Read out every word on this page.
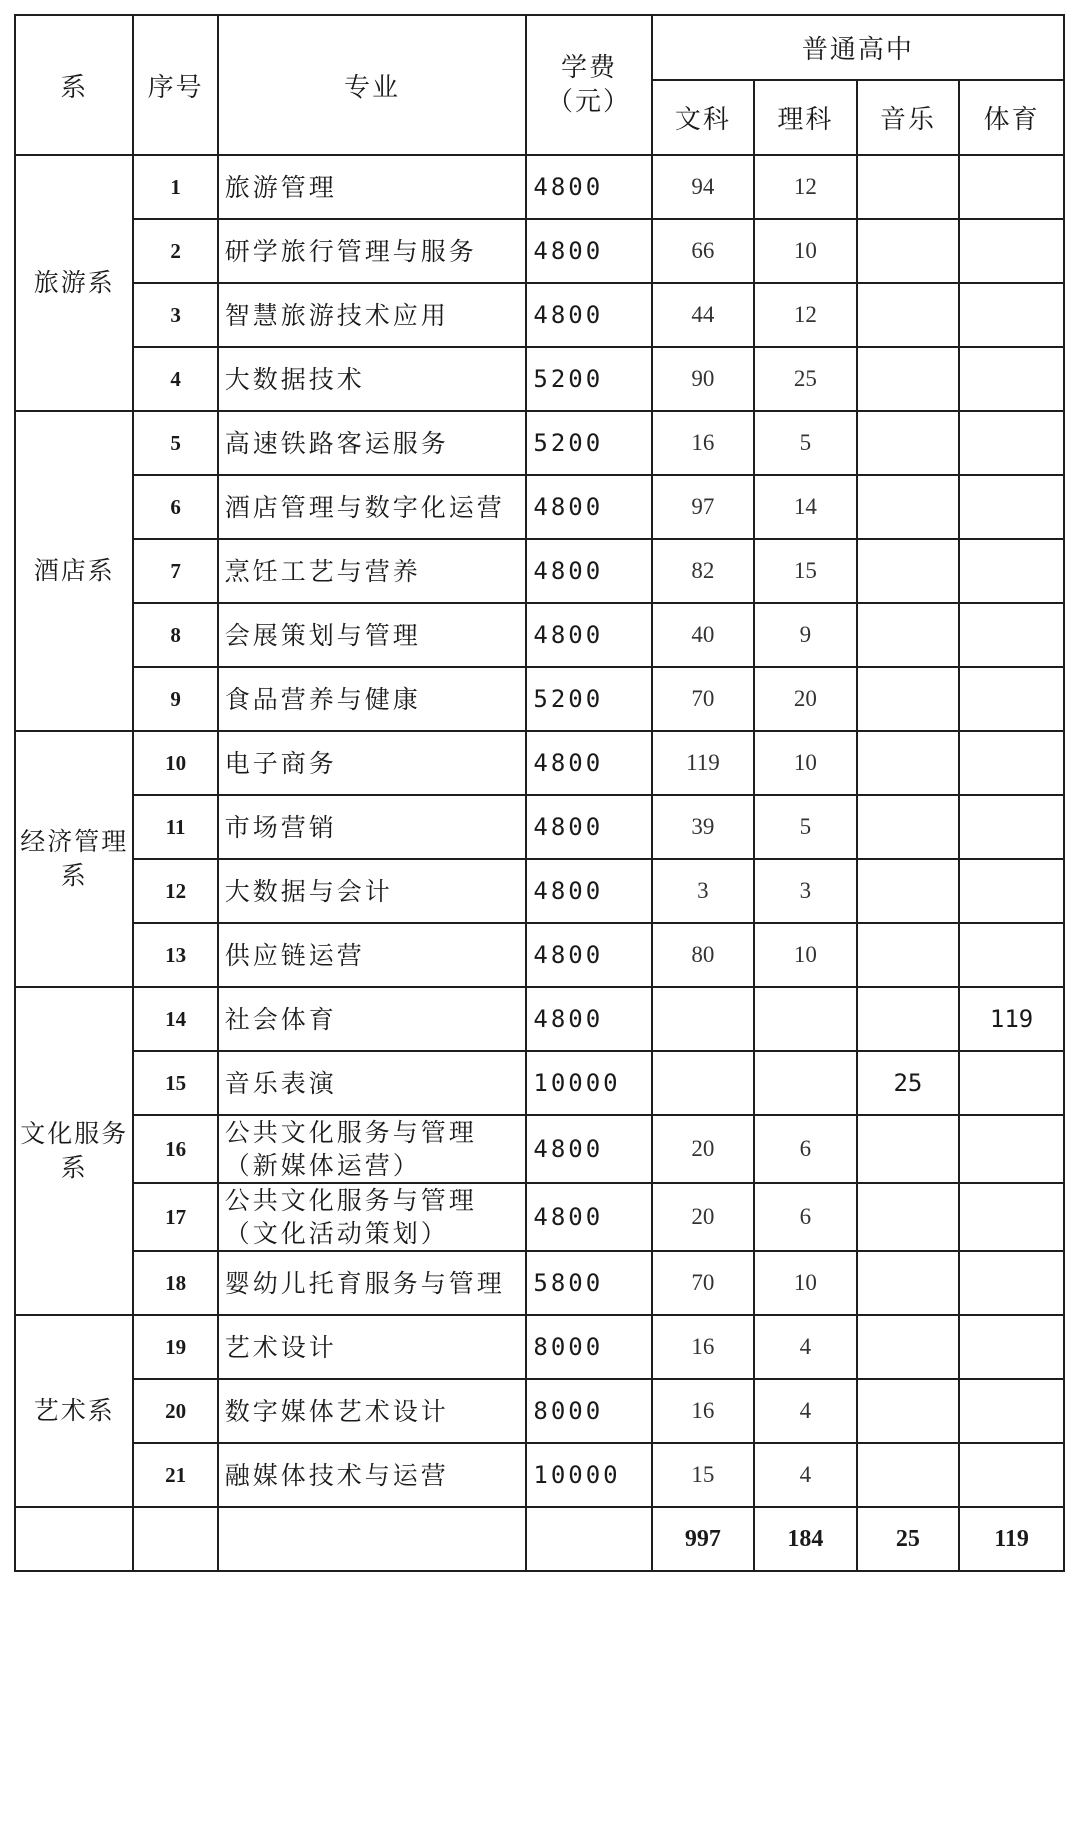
系	序号	专业	学费
（元）	普通高中			
				文科	理科	音乐	体育
旅游系	1	旅游管理	4800	94	12		
	2	研学旅行管理与服务	4800	66	10		
	3	智慧旅游技术应用	4800	44	12		
	4	大数据技术	5200	90	25		
酒店系	5	高速铁路客运服务	5200	16	5		
	6	酒店管理与数字化运营	4800	97	14		
	7	烹饪工艺与营养	4800	82	15		
	8	会展策划与管理	4800	40	9		
	9	食品营养与健康	5200	70	20		
经济管理系	10	电子商务	4800	119	10		
	11	市场营销	4800	39	5		
	12	大数据与会计	4800	3	3		
	13	供应链运营	4800	80	10		
文化服务系	14	社会体育	4800				119
	15	音乐表演	10000			25	
	16	公共文化服务与管理（新媒体运营）	4800	20	6		
	17	公共文化服务与管理（文化活动策划）	4800	20	6		
	18	婴幼儿托育服务与管理	5800	70	10		
艺术系	19	艺术设计	8000	16	4		
	20	数字媒体艺术设计	8000	16	4		
	21	融媒体技术与运营	10000	15	4		
				997	184	25	119
